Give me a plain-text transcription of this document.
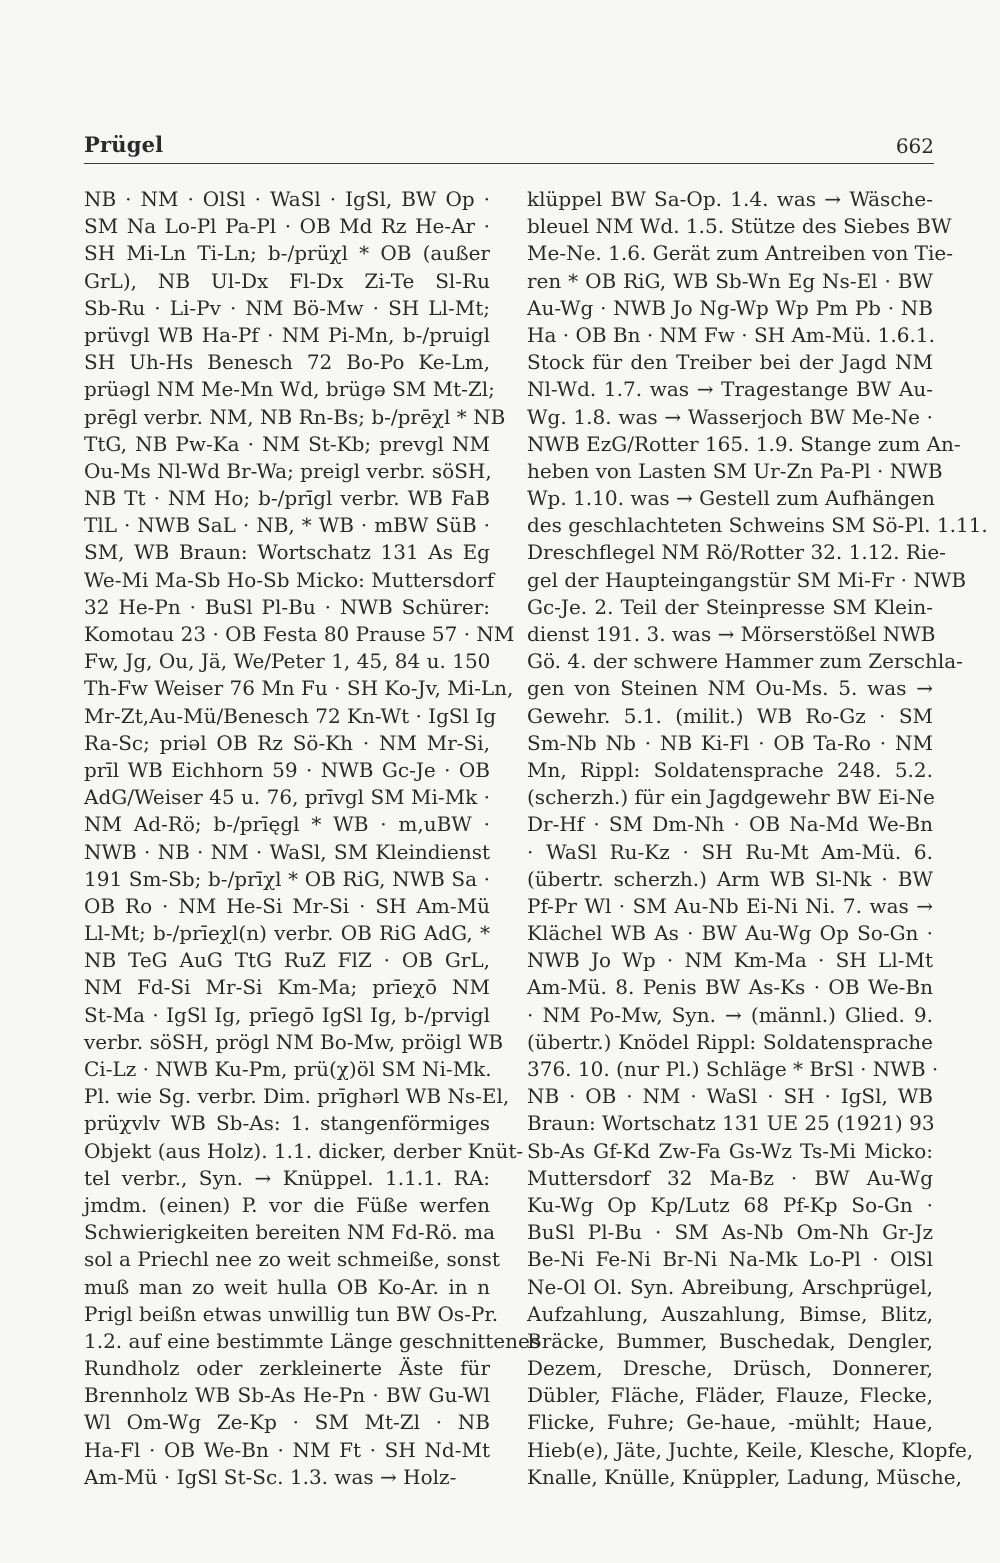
Prügel	662
NB · NM · OlSl · WaSl · IgSl, BW Op ·
SM Na Lo-Pl Pa-Pl · OB Md Rz He-Ar ·
SH Mi-Ln Ti-Ln; b-/prüχl * OB (außer
GrL), NB Ul-Dx Fl-Dx Zi-Te Sl-Ru
Sb-Ru · Li-Pv · NM Bö-Mw · SH Ll-Mt;
prüvgl WB Ha-Pf · NM Pi-Mn, b-/pruigl
SH Uh-Hs Benesch 72 Bo-Po Ke-Lm,
prüəgl NM Me-Mn Wd, brügə SM Mt-Zl;
prēgl verbr. NM, NB Rn-Bs; b-/prēχl * NB
TtG, NB Pw-Ka · NM St-Kb; prevgl NM
Ou-Ms Nl-Wd Br-Wa; preigl verbr. söSH,
NB Tt · NM Ho; b-/prīgl verbr. WB FaB
TlL · NWB SaL · NB, * WB · mBW SüB ·
SM, WB Braun: Wortschatz 131 As Eg
We-Mi Ma-Sb Ho-Sb Micko: Muttersdorf
32 He-Pn · BuSl Pl-Bu · NWB Schürer:
Komotau 23 · OB Festa 80 Prause 57 · NM
Fw, Jg, Ou, Jä, We/Peter 1, 45, 84 u. 150
Th-Fw Weiser 76 Mn Fu · SH Ko-Jv, Mi-Ln,
Mr-Zt,Au-Mü/Benesch 72 Kn-Wt · IgSl Ig
Ra-Sc; priəl OB Rz Sö-Kh · NM Mr-Si,
prīl WB Eichhorn 59 · NWB Gc-Je · OB
AdG/Weiser 45 u. 76, prīvgl SM Mi-Mk ·
NM Ad-Rö; b-/prīęgl * WB · m,uBW ·
NWB · NB · NM · WaSl, SM Kleindienst
191 Sm-Sb; b-/prīχl * OB RiG, NWB Sa ·
OB Ro · NM He-Si Mr-Si · SH Am-Mü
Ll-Mt; b-/prīeχl(n) verbr. OB RiG AdG, *
NB TeG AuG TtG RuZ FlZ · OB GrL,
NM Fd-Si Mr-Si Km-Ma; prīeχō NM
St-Ma · IgSl Ig, prīegō IgSl Ig, b-/prvigl
verbr. söSH, prögl NM Bo-Mw, pröigl WB
Ci-Lz · NWB Ku-Pm, prü(χ)öl SM Ni-Mk.
Pl. wie Sg. verbr. Dim. prīghərl WB Ns-El,
prüχvlv WB Sb-As: 1. stangenförmiges
Objekt (aus Holz). 1.1. dicker, derber Knüt-
tel verbr., Syn. → Knüppel. 1.1.1. RA:
jmdm. (einen) P. vor die Füße werfen
Schwierigkeiten bereiten NM Fd-Rö. ma
sol a Priechl nee zo weit schmeiße, sonst
muß man zo weit hulla OB Ko-Ar. in n
Prigl beißn etwas unwillig tun BW Os-Pr.
1.2. auf eine bestimmte Länge geschnittenes
Rundholz oder zerkleinerte Äste für
Brennholz WB Sb-As He-Pn · BW Gu-Wl
Wl Om-Wg Ze-Kp · SM Mt-Zl · NB
Ha-Fl · OB We-Bn · NM Ft · SH Nd-Mt
Am-Mü · IgSl St-Sc. 1.3. was → Holz-
klüppel BW Sa-Op. 1.4. was → Wäsche-
bleuel NM Wd. 1.5. Stütze des Siebes BW
Me-Ne. 1.6. Gerät zum Antreiben von Tie-
ren * OB RiG, WB Sb-Wn Eg Ns-El · BW
Au-Wg · NWB Jo Ng-Wp Wp Pm Pb · NB
Ha · OB Bn · NM Fw · SH Am-Mü. 1.6.1.
Stock für den Treiber bei der Jagd NM
Nl-Wd. 1.7. was → Tragestange BW Au-
Wg. 1.8. was → Wasserjoch BW Me-Ne ·
NWB EzG/Rotter 165. 1.9. Stange zum An-
heben von Lasten SM Ur-Zn Pa-Pl · NWB
Wp. 1.10. was → Gestell zum Aufhängen
des geschlachteten Schweins SM Sö-Pl. 1.11.
Dreschflegel NM Rö/Rotter 32. 1.12. Rie-
gel der Haupteingangstür SM Mi-Fr · NWB
Gc-Je. 2. Teil der Steinpresse SM Klein-
dienst 191. 3. was → Mörserstößel NWB
Gö. 4. der schwere Hammer zum Zerschla-
gen von Steinen NM Ou-Ms. 5. was →
Gewehr. 5.1. (milit.) WB Ro-Gz · SM
Sm-Nb Nb · NB Ki-Fl · OB Ta-Ro · NM
Mn, Rippl: Soldatensprache 248. 5.2.
(scherzh.) für ein Jagdgewehr BW Ei-Ne
Dr-Hf · SM Dm-Nh · OB Na-Md We-Bn
· WaSl Ru-Kz · SH Ru-Mt Am-Mü. 6.
(übertr. scherzh.) Arm WB Sl-Nk · BW
Pf-Pr Wl · SM Au-Nb Ei-Ni Ni. 7. was →
Klächel WB As · BW Au-Wg Op So-Gn ·
NWB Jo Wp · NM Km-Ma · SH Ll-Mt
Am-Mü. 8. Penis BW As-Ks · OB We-Bn
· NM Po-Mw, Syn. → (männl.) Glied. 9.
(übertr.) Knödel Rippl: Soldatensprache
376. 10. (nur Pl.) Schläge * BrSl · NWB ·
NB · OB · NM · WaSl · SH · IgSl, WB
Braun: Wortschatz 131 UE 25 (1921) 93
Sb-As Gf-Kd Zw-Fa Gs-Wz Ts-Mi Micko:
Muttersdorf 32 Ma-Bz · BW Au-Wg
Ku-Wg Op Kp/Lutz 68 Pf-Kp So-Gn ·
BuSl Pl-Bu · SM As-Nb Om-Nh Gr-Jz
Be-Ni Fe-Ni Br-Ni Na-Mk Lo-Pl · OlSl
Ne-Ol Ol. Syn. Abreibung, Arschprügel,
Aufzahlung, Auszahlung, Bimse, Blitz,
Bräcke, Bummer, Buschedak, Dengler,
Dezem, Dresche, Drüsch, Donnerer,
Dübler, Fläche, Fläder, Flauze, Flecke,
Flicke, Fuhre; Ge-haue, -mühlt; Haue,
Hieb(e), Jäte, Juchte, Keile, Klesche, Klopfe,
Knalle, Knülle, Knüppler, Ladung, Müsche,
